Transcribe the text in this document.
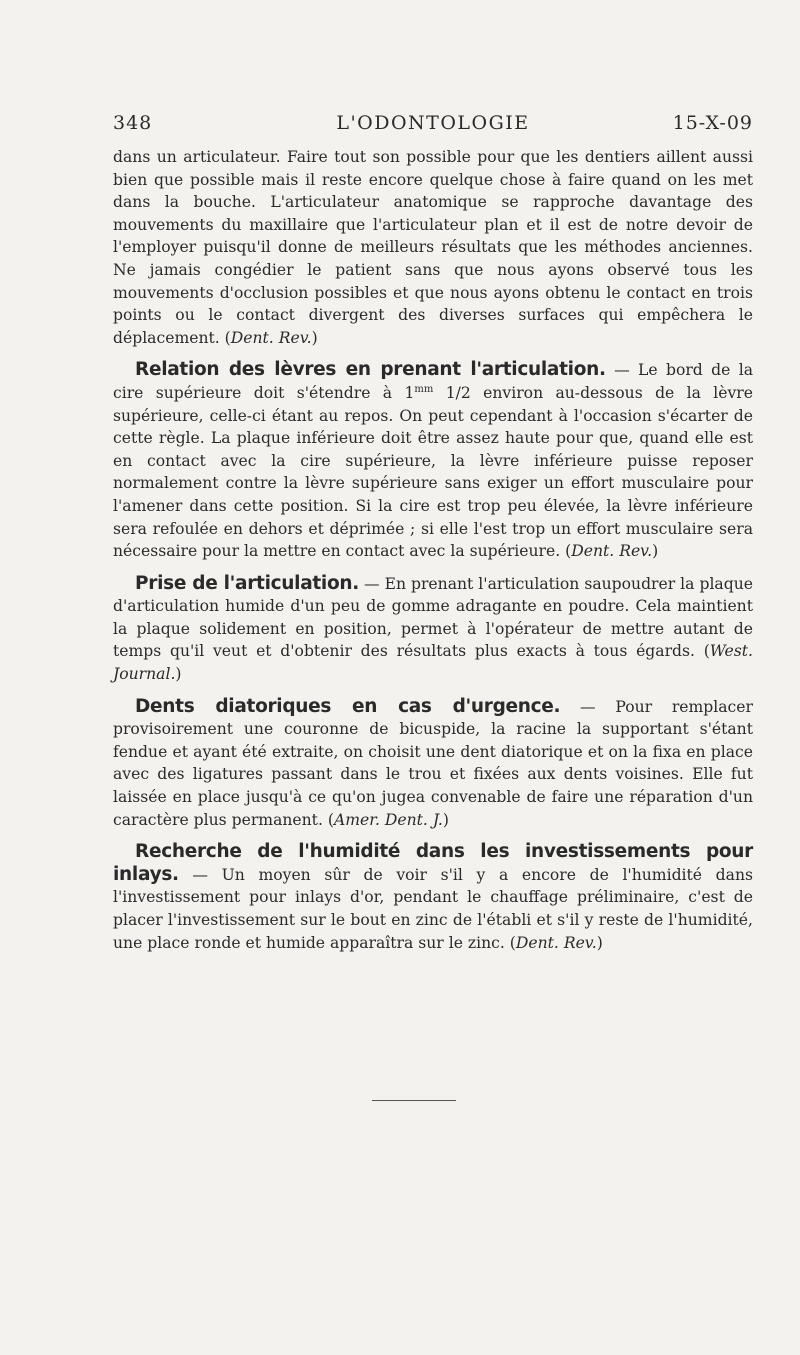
348	L'ODONTOLOGIE	15-X-09

dans un articulateur. Faire tout son possible pour que les dentiers aillent aussi bien que possible mais il reste encore quelque chose à faire quand on les met dans la bouche. L'articulateur anatomique se rapproche davantage des mouvements du maxillaire que l'articulateur plan et il est de notre devoir de l'employer puisqu'il donne de meilleurs résultats que les méthodes anciennes. Ne jamais congédier le patient sans que nous ayons observé tous les mouvements d'occlusion possibles et que nous ayons obtenu le contact en trois points ou le contact divergent des diverses surfaces qui empêchera le déplacement. (Dent. Rev.)

Relation des lèvres en prenant l'articulation. — Le bord de la cire supérieure doit s'étendre à $1^{mm}$ 1/2 environ au-dessous de la lèvre supérieure, celle-ci étant au repos. On peut cependant à l'occasion s'écarter de cette règle. La plaque inférieure doit être assez haute pour que, quand elle est en contact avec la cire supérieure, la lèvre inférieure puisse reposer normalement contre la lèvre supérieure sans exiger un effort musculaire pour l'amener dans cette position. Si la cire est trop peu élevée, la lèvre inférieure sera refoulée en dehors et déprimée ; si elle l'est trop un effort musculaire sera nécessaire pour la mettre en contact avec la supérieure. (Dent. Rev.)

Prise de l'articulation. — En prenant l'articulation saupoudrer la plaque d'articulation humide d'un peu de gomme adragante en poudre. Cela maintient la plaque solidement en position, permet à l'opérateur de mettre autant de temps qu'il veut et d'obtenir des résultats plus exacts à tous égards. (West. Journal.)

Dents diatoriques en cas d'urgence. — Pour remplacer provisoirement une couronne de bicuspide, la racine la supportant s'étant fendue et ayant été extraite, on choisit une dent diatorique et on la fixa en place avec des ligatures passant dans le trou et fixées aux dents voisines. Elle fut laissée en place jusqu'à ce qu'on jugea convenable de faire une réparation d'un caractère plus permanent. (Amer. Dent. J.)

Recherche de l'humidité dans les investissements pour inlays. — Un moyen sûr de voir s'il y a encore de l'humidité dans l'investissement pour inlays d'or, pendant le chauffage préliminaire, c'est de placer l'investissement sur le bout en zinc de l'établi et s'il y reste de l'humidité, une place ronde et humide apparaîtra sur le zinc. (Dent. Rev.)
